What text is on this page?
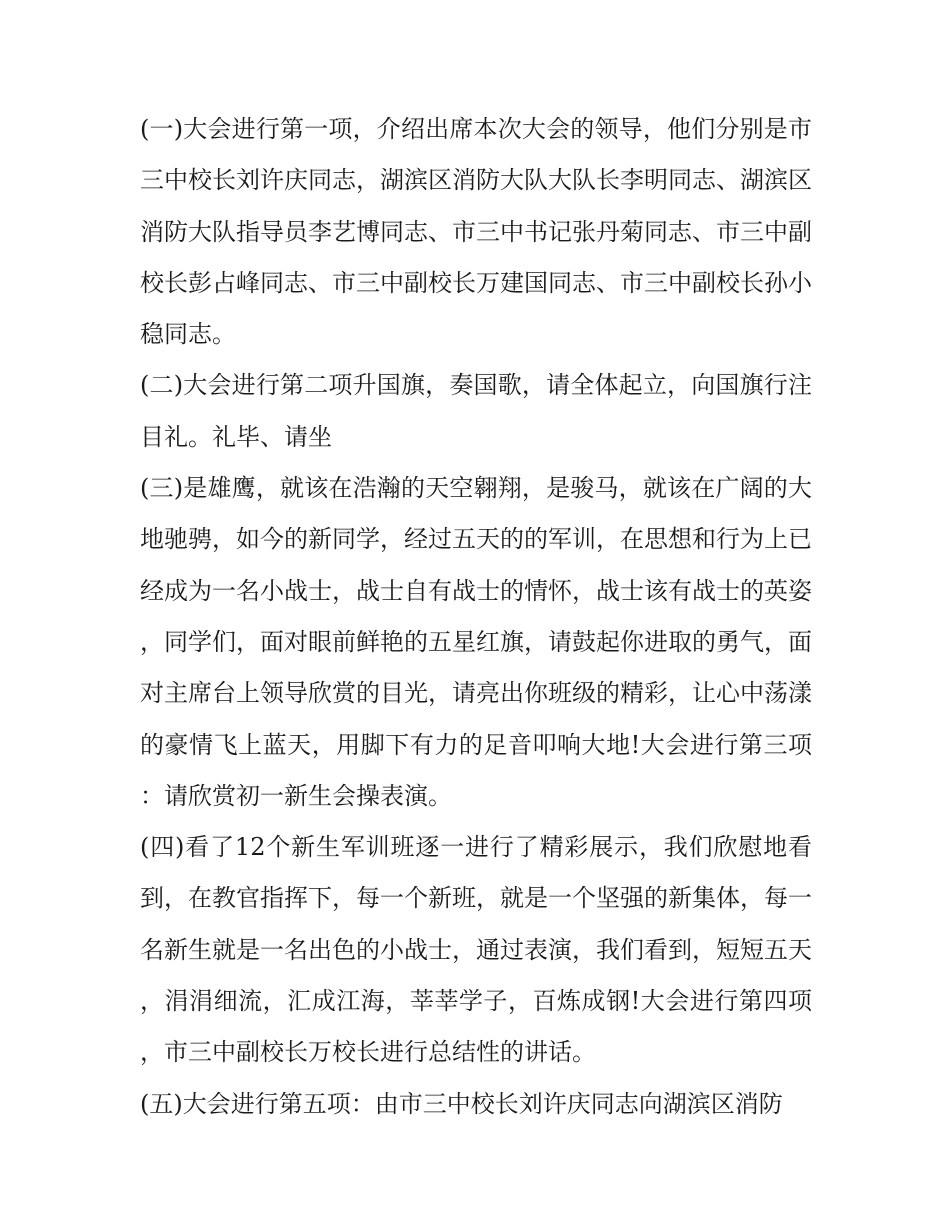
(一)大会进行第一项，介绍出席本次大会的领导，他们分别是市三中校长刘许庆同志，湖滨区消防大队大队长李明同志、湖滨区消防大队指导员李艺博同志、市三中书记张丹菊同志、市三中副校长彭占峰同志、市三中副校长万建国同志、市三中副校长孙小稳同志。

(二)大会进行第二项升国旗，奏国歌，请全体起立，向国旗行注目礼。礼毕、请坐

(三)是雄鹰，就该在浩瀚的天空翱翔，是骏马，就该在广阔的大地驰骋，如今的新同学，经过五天的的军训，在思想和行为上已经成为一名小战士，战士自有战士的情怀，战士该有战士的英姿，同学们，面对眼前鲜艳的五星红旗，请鼓起你进取的勇气，面对主席台上领导欣赏的目光，请亮出你班级的精彩，让心中荡漾的豪情飞上蓝天，用脚下有力的足音叩响大地!大会进行第三项：请欣赏初一新生会操表演。

(四)看了12个新生军训班逐一进行了精彩展示，我们欣慰地看到，在教官指挥下，每一个新班，就是一个坚强的新集体，每一名新生就是一名出色的小战士，通过表演，我们看到，短短五天，涓涓细流，汇成江海，莘莘学子，百炼成钢!大会进行第四项，市三中副校长万校长进行总结性的讲话。

(五)大会进行第五项：由市三中校长刘许庆同志向湖滨区消防
